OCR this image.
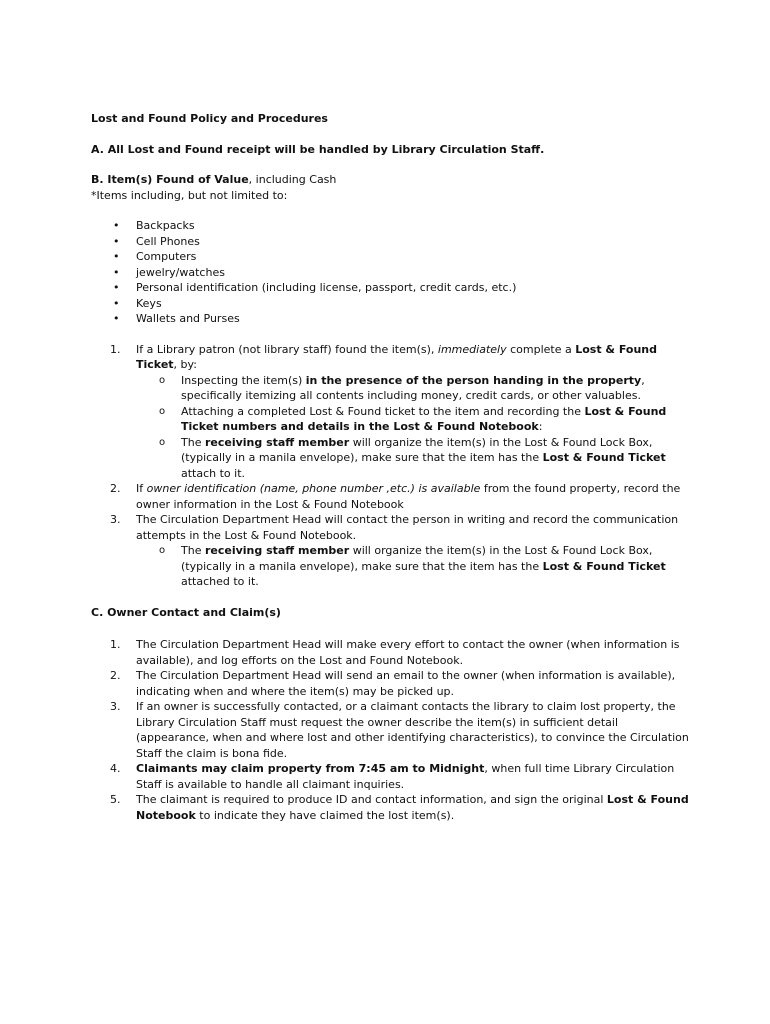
Lost and Found Policy and Procedures

A. All Lost and Found receipt will be handled by Library Circulation Staff.

B. Item(s) Found of Value, including Cash

*Items including, but not limited to:

• Backpacks
• Cell Phones
• Computers
• jewelry/watches
• Personal identification (including license, passport, credit cards, etc.)
• Keys
• Wallets and Purses
1. If a Library patron (not library staff) found the item(s), immediately complete a Lost & Found Ticket, by:
o Inspecting the item(s) in the presence of the person handing in the property, specifically itemizing all contents including money, credit cards, or other valuables.
o Attaching a completed Lost & Found ticket to the item and recording the Lost & Found Ticket numbers and details in the Lost & Found Notebook:
o The receiving staff member will organize the item(s) in the Lost & Found Lock Box, (typically in a manila envelope), make sure that the item has the Lost & Found Ticket attach to it.
2. If owner identification (name, phone number ,etc.) is available from the found property, record the owner information in the Lost & Found Notebook
3. The Circulation Department Head will contact the person in writing and record the communication attempts in the Lost & Found Notebook.
o The receiving staff member will organize the item(s) in the Lost & Found Lock Box, (typically in a manila envelope), make sure that the item has the Lost & Found Ticket attached to it.

C. Owner Contact and Claim(s)

1. The Circulation Department Head will make every effort to contact the owner (when information is available), and log efforts on the Lost and Found Notebook.
2. The Circulation Department Head will send an email to the owner (when information is available), indicating when and where the item(s) may be picked up.
3. If an owner is successfully contacted, or a claimant contacts the library to claim lost property, the Library Circulation Staff must request the owner describe the item(s) in sufficient detail (appearance, when and where lost and other identifying characteristics), to convince the Circulation Staff the claim is bona fide.
4. Claimants may claim property from 7:45 am to Midnight, when full time Library Circulation Staff is available to handle all claimant inquiries.
5. The claimant is required to produce ID and contact information, and sign the original Lost & Found Notebook to indicate they have claimed the lost item(s).
